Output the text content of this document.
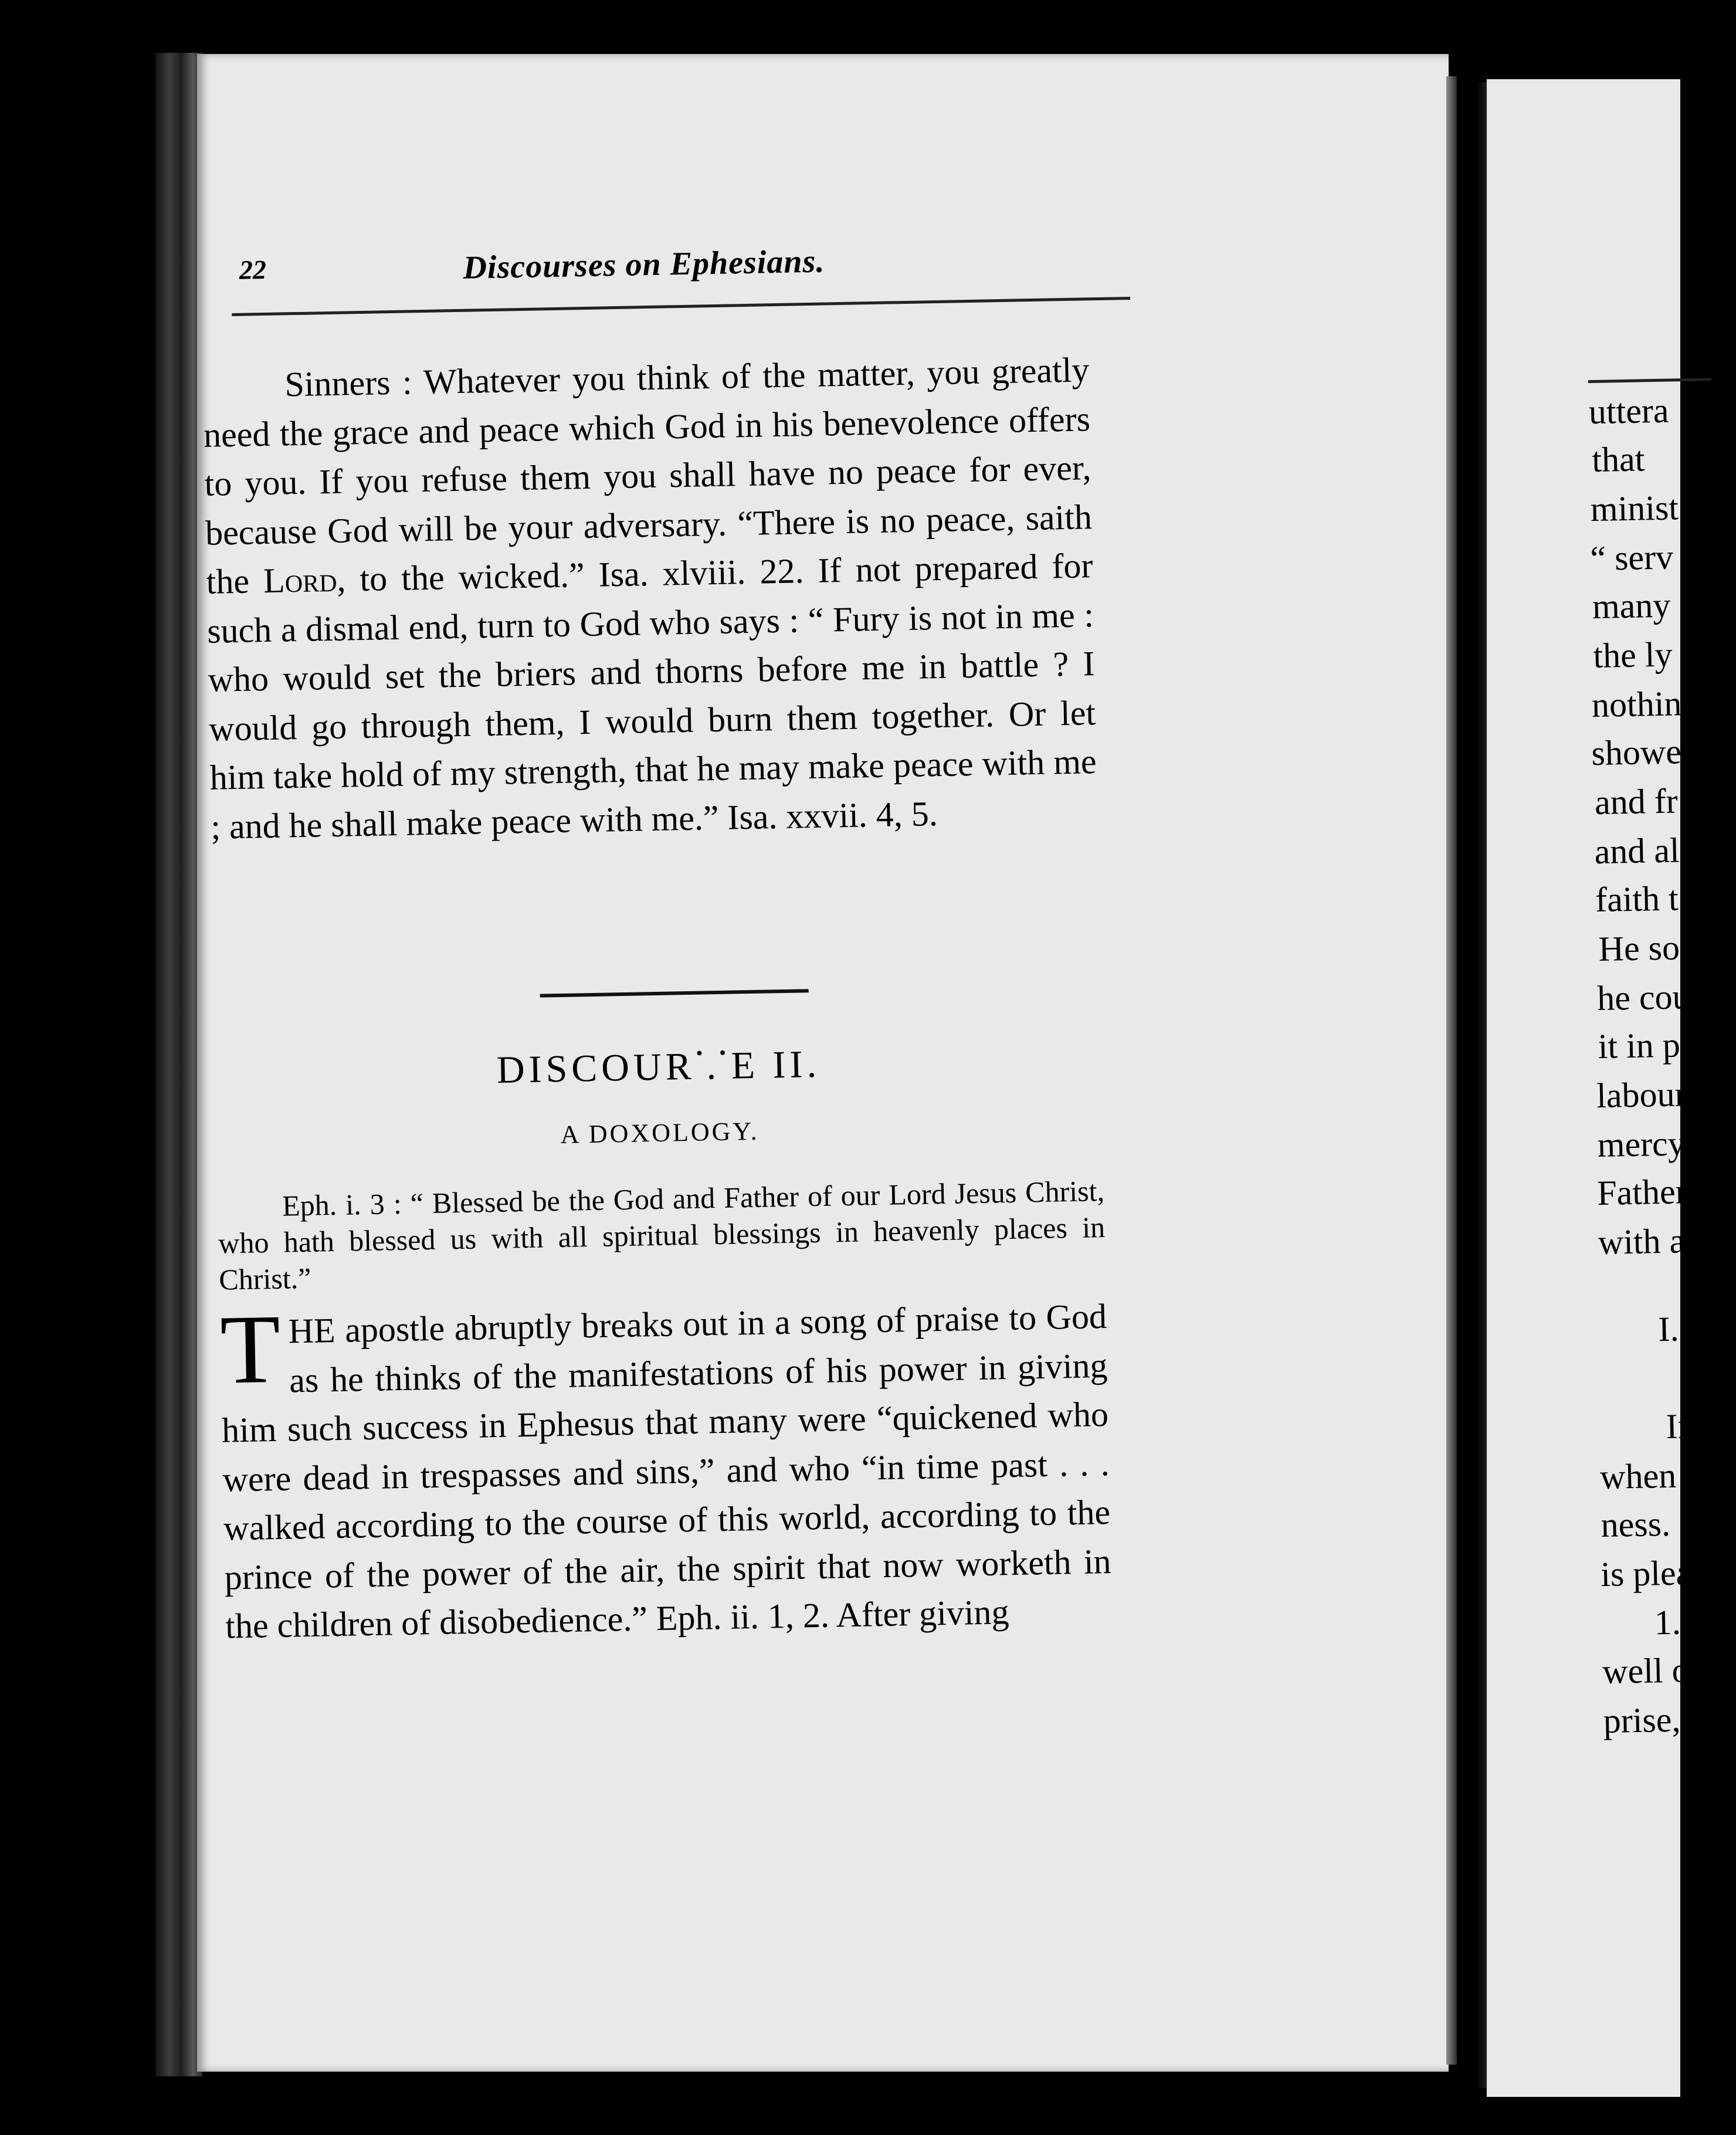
22	Discourses on Ephesians.

Sinners : Whatever you think of the matter, you greatly need the grace and peace which God in his benevolence offers to you. If you refuse them you shall have no peace for ever, because God will be your adversary. “There is no peace, saith the Lord, to the wicked.” Isa. xlviii. 22. If not prepared for such a dismal end, turn to God who says : “ Fury is not in me : who would set the briers and thorns before me in battle ? I would go through them, I would burn them together. Or let him take hold of my strength, that he may make peace with me ; and he shall make peace with me.” Isa. xxvii. 4, 5.

DISCOUR⸪E II.
A DOXOLOGY.

Eph. i. 3 : “ Blessed be the God and Father of our Lord Jesus Christ, who hath blessed us with all spiritual blessings in heavenly places in Christ.”

THE apostle abruptly breaks out in a song of praise to God as he thinks of the manifestations of his power in giving him such success in Ephesus that many were “quickened who were dead in trespasses and sins,” and who “in time past . . . walked according to the course of this world, according to the prince of the power of the air, the spirit that now worketh in the children of disobedience.” Eph. ii. 1, 2. After giving

uttera
that
minist
“ serv
many
the ly
nothin
showe
and fr
and al
faith t
He so
he cou
it in p
labours
mercy
Father
with al
I.
In
when t
ness.
is pleas
1.
well of
prise, th
